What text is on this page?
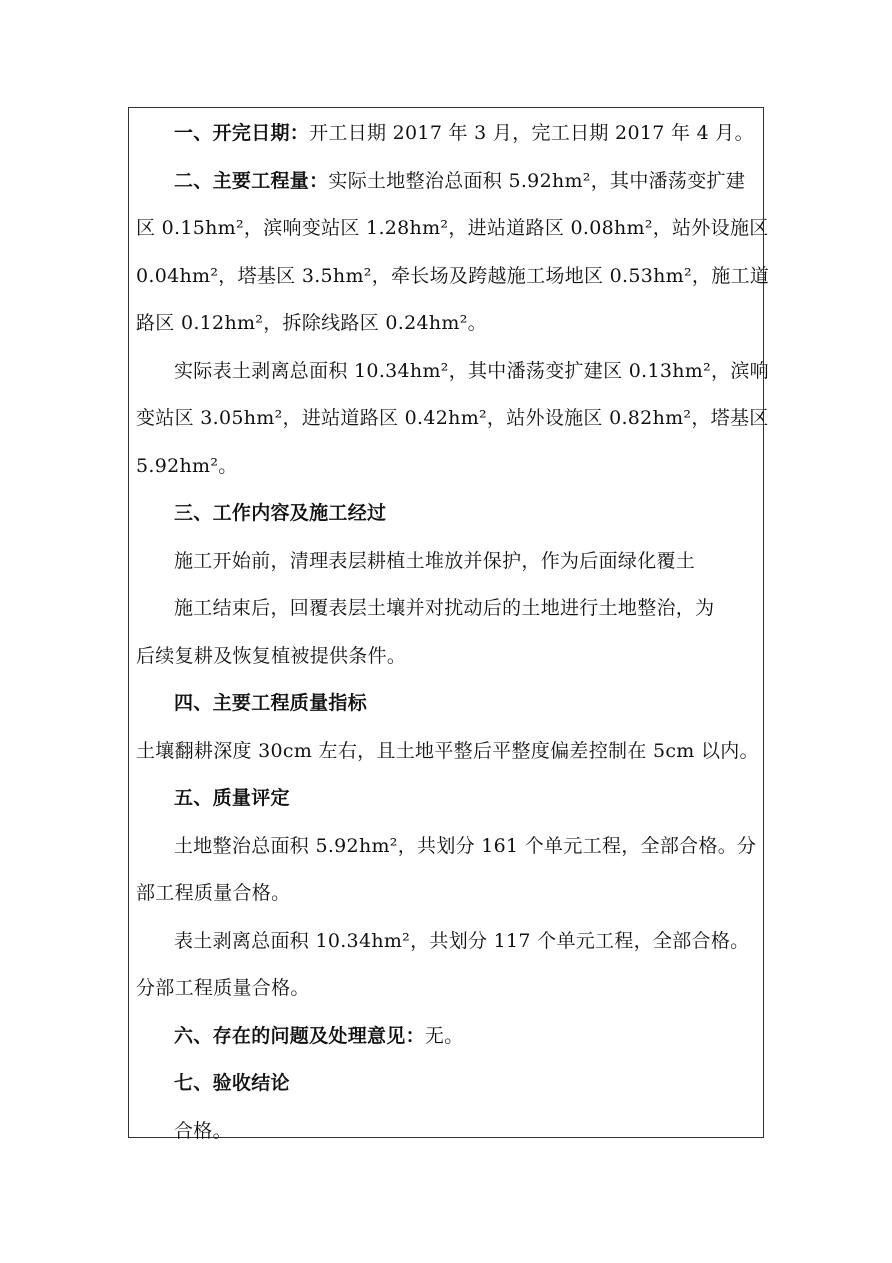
一、开完日期：开工日期 2017 年 3 月，完工日期 2017 年 4 月。
二、主要工程量：实际土地整治总面积 5.92hm²，其中潘荡变扩建
区 0.15hm²，滨响变站区 1.28hm²，进站道路区 0.08hm²，站外设施区
0.04hm²，塔基区 3.5hm²，牵长场及跨越施工场地区 0.53hm²，施工道
路区 0.12hm²，拆除线路区 0.24hm²。
实际表土剥离总面积 10.34hm²，其中潘荡变扩建区 0.13hm²，滨响
变站区 3.05hm²，进站道路区 0.42hm²，站外设施区 0.82hm²，塔基区
5.92hm²。
三、工作内容及施工经过
施工开始前，清理表层耕植土堆放并保护，作为后面绿化覆土
施工结束后，回覆表层土壤并对扰动后的土地进行土地整治，为
后续复耕及恢复植被提供条件。
四、主要工程质量指标
土壤翻耕深度 30cm 左右，且土地平整后平整度偏差控制在 5cm 以内。
五、质量评定
土地整治总面积 5.92hm²，共划分 161 个单元工程，全部合格。分
部工程质量合格。
表土剥离总面积 10.34hm²，共划分 117 个单元工程，全部合格。
分部工程质量合格。
六、存在的问题及处理意见：无。
七、验收结论
合格。
